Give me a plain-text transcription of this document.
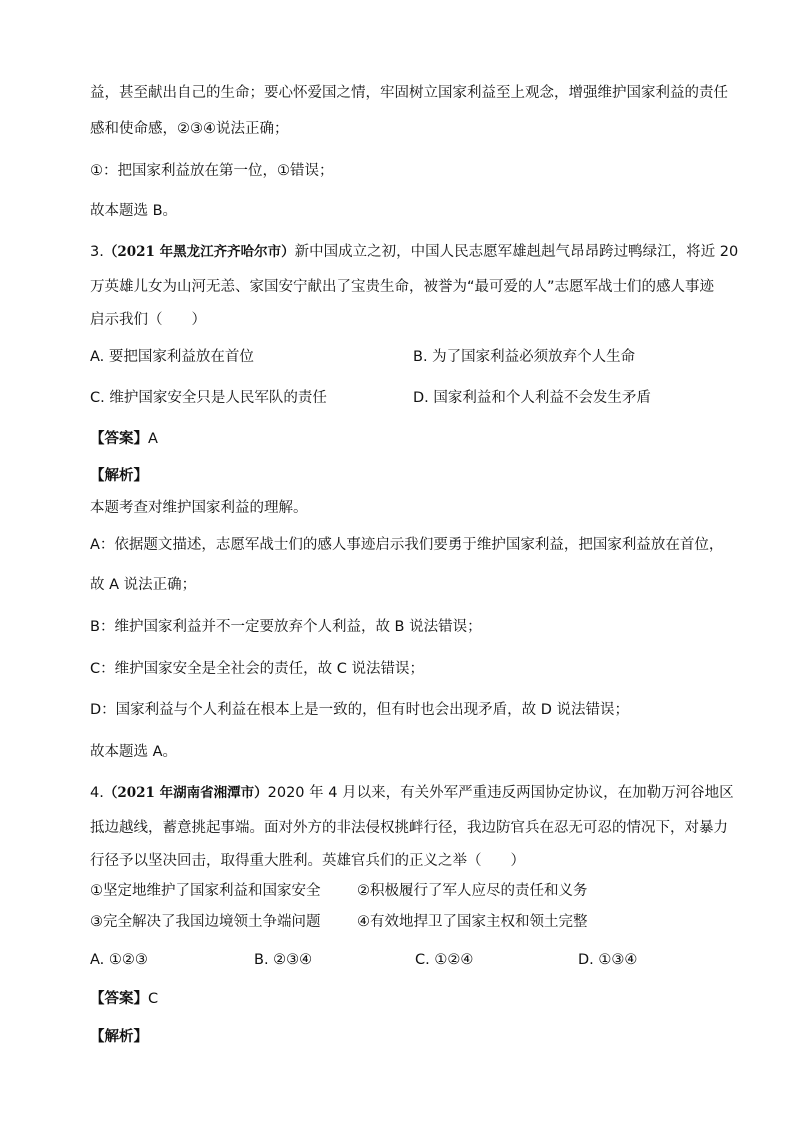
益，甚至献出自己的生命；要心怀爱国之情，牢固树立国家利益至上观念，增强维护国家利益的责任
感和使命感，②③④说法正确；
①：把国家利益放在第一位，①错误；
故本题选 B。
3.（2021 年黑龙江齐齐哈尔市）新中国成立之初，中国人民志愿军雄赳赳气昂昂跨过鸭绿江，将近 20
万英雄儿女为山河无恙、家国安宁献出了宝贵生命，被誉为“最可爱的人”志愿军战士们的感人事迹
启示我们（　　）
A. 要把国家利益放在首位	B. 为了国家利益必须放弃个人生命
C. 维护国家安全只是人民军队的责任	D. 国家利益和个人利益不会发生矛盾
【答案】A
【解析】
本题考查对维护国家利益的理解。
A：依据题文描述，志愿军战士们的感人事迹启示我们要勇于维护国家利益，把国家利益放在首位，
故 A 说法正确；
B：维护国家利益并不一定要放弃个人利益，故 B 说法错误；
C：维护国家安全是全社会的责任，故 C 说法错误；
D：国家利益与个人利益在根本上是一致的，但有时也会出现矛盾，故 D 说法错误；
故本题选 A。
4.（2021 年湖南省湘潭市）2020 年 4 月以来，有关外军严重违反两国协定协议，在加勒万河谷地区
抵边越线，蓄意挑起事端。面对外方的非法侵权挑衅行径，我边防官兵在忍无可忍的情况下，对暴力
行径予以坚决回击，取得重大胜利。英雄官兵们的正义之举（　　）
①坚定地维护了国家利益和国家安全	②积极履行了军人应尽的责任和义务
③完全解决了我国边境领土争端问题	④有效地捍卫了国家主权和领土完整
A. ①②③	B. ②③④	C. ①②④	D. ①③④
【答案】C
【解析】
